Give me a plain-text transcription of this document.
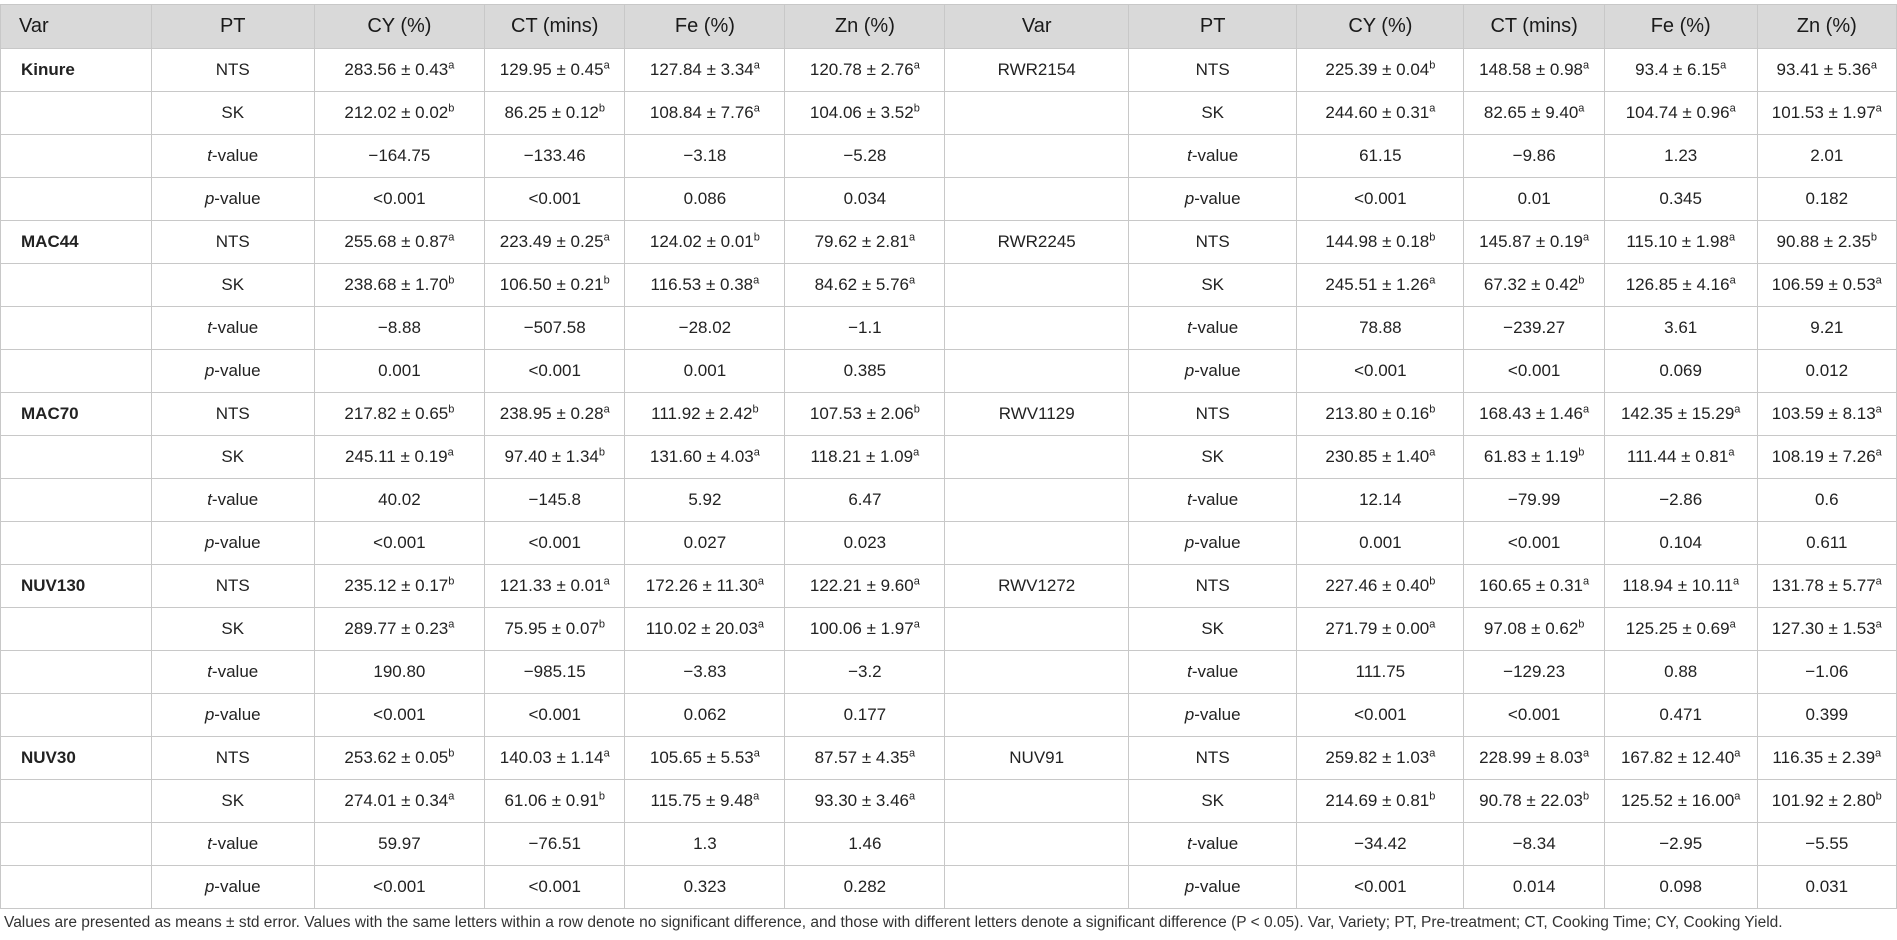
Var	PT	CY (%)	CT (mins)	Fe (%)	Zn (%)	Var	PT	CY (%)	CT (mins)	Fe (%)	Zn (%)
Kinure	NTS	283.56 ± 0.43$^a$	129.95 ± 0.45$^a$	127.84 ± 3.34$^a$	120.78 ± 2.76$^a$	RWR2154	NTS	225.39 ± 0.04$^b$	148.58 ± 0.98$^a$	93.4 ± 6.15$^a$	93.41 ± 5.36$^a$
	SK	212.02 ± 0.02$^b$	86.25 ± 0.12$^b$	108.84 ± 7.76$^a$	104.06 ± 3.52$^b$		SK	244.60 ± 0.31$^a$	82.65 ± 9.40$^a$	104.74 ± 0.96$^a$	101.53 ± 1.97$^a$
	t-value	−164.75	−133.46	−3.18	−5.28		t-value	61.15	−9.86	1.23	2.01
	p-value	<0.001	<0.001	0.086	0.034		p-value	<0.001	0.01	0.345	0.182
MAC44	NTS	255.68 ± 0.87$^a$	223.49 ± 0.25$^a$	124.02 ± 0.01$^b$	79.62 ± 2.81$^a$	RWR2245	NTS	144.98 ± 0.18$^b$	145.87 ± 0.19$^a$	115.10 ± 1.98$^a$	90.88 ± 2.35$^b$
	SK	238.68 ± 1.70$^b$	106.50 ± 0.21$^b$	116.53 ± 0.38$^a$	84.62 ± 5.76$^a$		SK	245.51 ± 1.26$^a$	67.32 ± 0.42$^b$	126.85 ± 4.16$^a$	106.59 ± 0.53$^a$
	t-value	−8.88	−507.58	−28.02	−1.1		t-value	78.88	−239.27	3.61	9.21
	p-value	0.001	<0.001	0.001	0.385		p-value	<0.001	<0.001	0.069	0.012
MAC70	NTS	217.82 ± 0.65$^b$	238.95 ± 0.28$^a$	111.92 ± 2.42$^b$	107.53 ± 2.06$^b$	RWV1129	NTS	213.80 ± 0.16$^b$	168.43 ± 1.46$^a$	142.35 ± 15.29$^a$	103.59 ± 8.13$^a$
	SK	245.11 ± 0.19$^a$	97.40 ± 1.34$^b$	131.60 ± 4.03$^a$	118.21 ± 1.09$^a$		SK	230.85 ± 1.40$^a$	61.83 ± 1.19$^b$	111.44 ± 0.81$^a$	108.19 ± 7.26$^a$
	t-value	40.02	−145.8	5.92	6.47		t-value	12.14	−79.99	−2.86	0.6
	p-value	<0.001	<0.001	0.027	0.023		p-value	0.001	<0.001	0.104	0.611
NUV130	NTS	235.12 ± 0.17$^b$	121.33 ± 0.01$^a$	172.26 ± 11.30$^a$	122.21 ± 9.60$^a$	RWV1272	NTS	227.46 ± 0.40$^b$	160.65 ± 0.31$^a$	118.94 ± 10.11$^a$	131.78 ± 5.77$^a$
	SK	289.77 ± 0.23$^a$	75.95 ± 0.07$^b$	110.02 ± 20.03$^a$	100.06 ± 1.97$^a$		SK	271.79 ± 0.00$^a$	97.08 ± 0.62$^b$	125.25 ± 0.69$^a$	127.30 ± 1.53$^a$
	t-value	190.80	−985.15	−3.83	−3.2		t-value	111.75	−129.23	0.88	−1.06
	p-value	<0.001	<0.001	0.062	0.177		p-value	<0.001	<0.001	0.471	0.399
NUV30	NTS	253.62 ± 0.05$^b$	140.03 ± 1.14$^a$	105.65 ± 5.53$^a$	87.57 ± 4.35$^a$	NUV91	NTS	259.82 ± 1.03$^a$	228.99 ± 8.03$^a$	167.82 ± 12.40$^a$	116.35 ± 2.39$^a$
	SK	274.01 ± 0.34$^a$	61.06 ± 0.91$^b$	115.75 ± 9.48$^a$	93.30 ± 3.46$^a$		SK	214.69 ± 0.81$^b$	90.78 ± 22.03$^b$	125.52 ± 16.00$^a$	101.92 ± 2.80$^b$
	t-value	59.97	−76.51	1.3	1.46		t-value	−34.42	−8.34	−2.95	−5.55
	p-value	<0.001	<0.001	0.323	0.282		p-value	<0.001	0.014	0.098	0.031
Values are presented as means ± std error. Values with the same letters within a row denote no significant difference, and those with different letters denote a significant difference (P < 0.05). Var, Variety; PT, Pre-treatment; CT, Cooking Time; CY, Cooking Yield.
